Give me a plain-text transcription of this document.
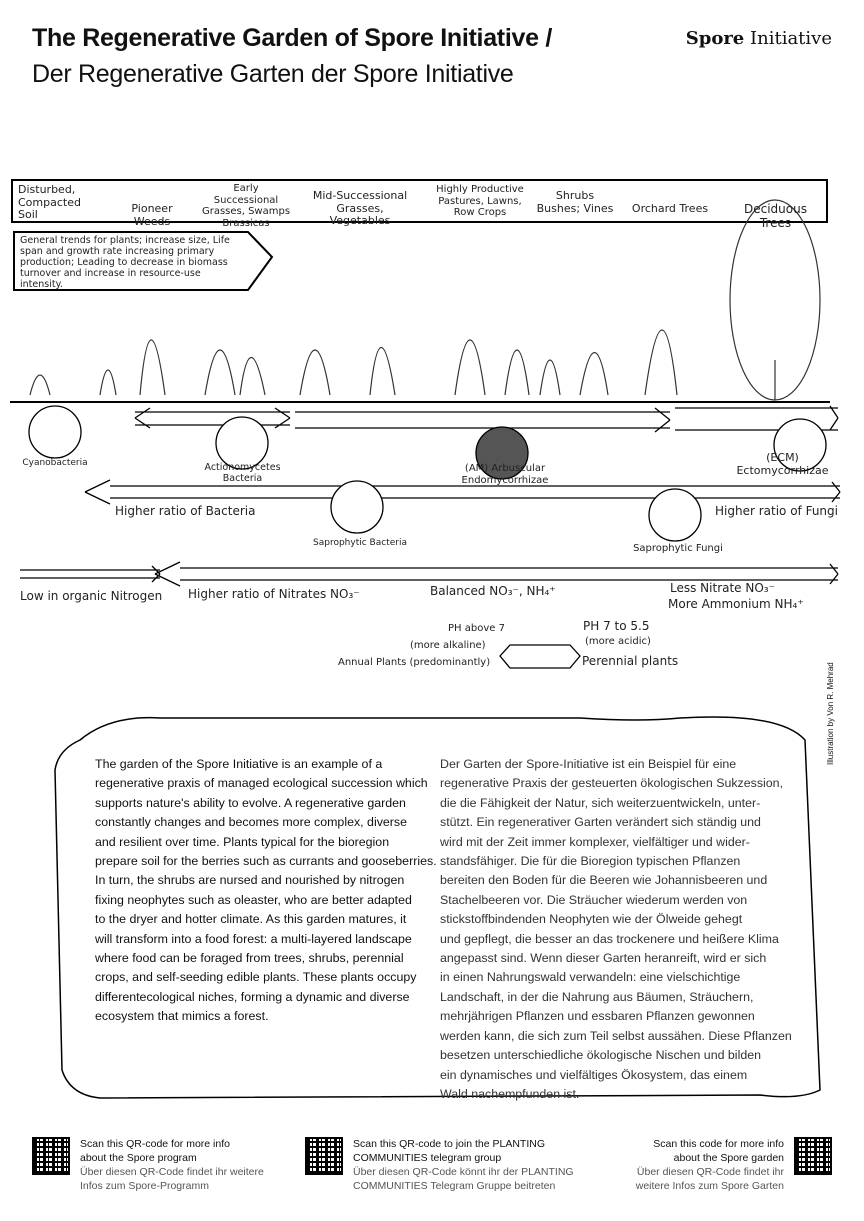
The Regenerative Garden of Spore Initiative /
Der Regenerative Garten der Spore Initiative
Spore Initiative
Disturbed, Compacted Soil	Pioneer Weeds
Early Successional Grasses, Swamps Brassicas
Mid-Successional Grasses, Vegetables
Highly Productive Pastures, Lawns, Row Crops
Shrubs Bushes; Vines	Orchard Trees	Deciduous Trees
General trends for plants; increase size, Life span and growth rate increasing primary production; Leading to decrease in biomass turnover and increase in resource-use intensity.
Cyanobacteria	Actionomycetes Bacteria
(AM) Arbuscular Endomycorrhizae
(ECM) Ectomycorrhizae
Saprophytic Bacteria	Saprophytic Fungi
Higher ratio of Bacteria	Higher ratio of Fungi
Low in organic Nitrogen Higher ratio of Nitrates NO₃⁻	Balanced NO₃⁻, NH₄⁺	Less Nitrate NO₃⁻
More Ammonium NH₄⁺
PH above 7
(more alkaline)
Annual Plants (predominantly)
PH 7 to 5.5
(more acidic)
Perennial plants
Illustration by Von R. Mehrad
The garden of the Spore Initiative is an example of a
regenerative praxis of managed ecological succession which
supports nature's ability to evolve. A regenerative garden
constantly changes and becomes more complex, diverse
and resilient over time. Plants typical for the bioregion
prepare soil for the berries such as currants and gooseberries.
In turn, the shrubs are nursed and nourished by nitrogen
fixing neophytes such as oleaster, who are better adapted
to the dryer and hotter climate. As this garden matures, it
will transform into a food forest: a multi-layered landscape
where food can be foraged from trees, shrubs, perennial
crops, and self-seeding edible plants. These plants occupy
differentecological niches, forming a dynamic and diverse
ecosystem that mimics a forest.
Der Garten der Spore-Initiative ist ein Beispiel für eine
regenerative Praxis der gesteuerten ökologischen Sukzession,
die die Fähigkeit der Natur, sich weiterzuentwickeln, unter-
stützt. Ein regenerativer Garten verändert sich ständig und
wird mit der Zeit immer komplexer, vielfältiger und wider-
standsfähiger. Die für die Bioregion typischen Pflanzen
bereiten den Boden für die Beeren wie Johannisbeeren und
Stachelbeeren vor. Die Sträucher wiederum werden von
stickstoffbindenden Neophyten wie der Ölweide gehegt
und gepflegt, die besser an das trockenere und heißere Klima
angepasst sind. Wenn dieser Garten heranreift, wird er sich
in einen Nahrungswald verwandeln: eine vielschichtige
Landschaft, in der die Nahrung aus Bäumen, Sträuchern,
mehrjährigen Pflanzen und essbaren Pflanzen gewonnen
werden kann, die sich zum Teil selbst aussähen. Diese Pflanzen
besetzen unterschiedliche ökologische Nischen und bilden
ein dynamisches und vielfältiges Ökosystem, das einem
Wald nachempfunden ist.
Scan this QR-code for more info
about the Spore program
Über diesen QR-Code findet ihr weitere
Infos zum Spore-Programm
Scan this QR-code to join the PLANTING
COMMUNITIES telegram group
Über diesen QR-Code könnt ihr der PLANTING
COMMUNITIES Telegram Gruppe beitreten
Scan this code for more info
about the Spore garden
Über diesen QR-Code findet ihr
weitere Infos zum Spore Garten
